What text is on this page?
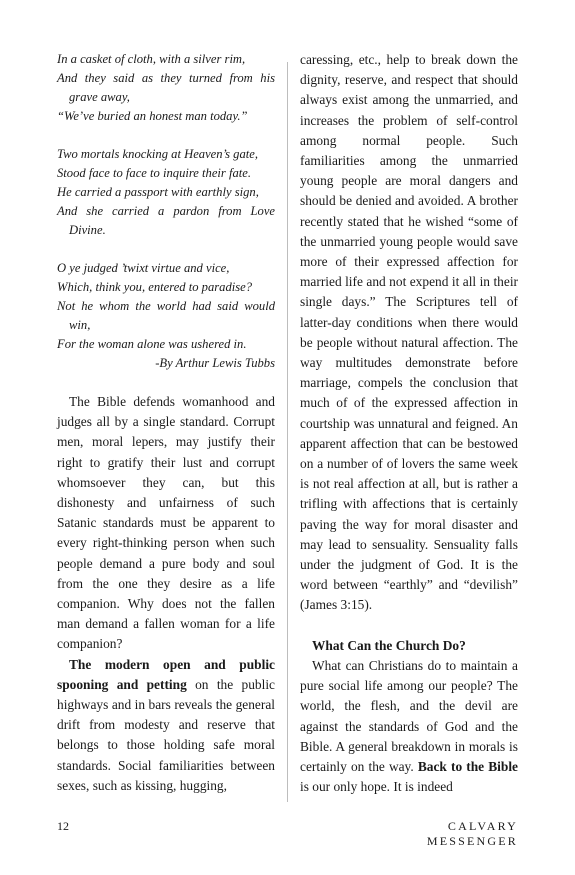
In a casket of cloth, with a silver rim,
And they said as they turned from his grave away,
“We’ve buried an honest man today.”
Two mortals knocking at Heaven’s gate,
Stood face to face to inquire their fate.
He carried a passport with earthly sign,
And she carried a pardon from Love Divine.
O ye judged ’twixt virtue and vice,
Which, think you, entered to paradise?
Not he whom the world had said would win,
For the woman alone was ushered in.
-By Arthur Lewis Tubbs

The Bible defends womanhood and judges all by a single standard. Corrupt men, moral lepers, may justify their right to gratify their lust and corrupt whomsoever they can, but this dishonesty and unfairness of such Satanic standards must be apparent to every right-thinking person when such people demand a pure body and soul from the one they desire as a life companion. Why does not the fallen man demand a fallen woman for a life companion?

The modern open and public spooning and petting on the public highways and in bars reveals the general drift from modesty and reserve that belongs to those holding safe moral standards. Social familiarities between sexes, such as kissing, hugging,

caressing, etc., help to break down the dignity, reserve, and respect that should always exist among the unmarried, and increases the problem of self-control among normal people. Such familiarities among the unmarried young people are moral dangers and should be denied and avoided. A brother recently stated that he wished “some of the unmarried young people would save more of their expressed affection for married life and not expend it all in their single days.” The Scriptures tell of latter-day conditions when there would be people without natural affection. The way multitudes demonstrate before marriage, compels the conclusion that much of of the expressed affection in courtship was unnatural and feigned. An apparent affection that can be bestowed on a number of of lovers the same week is not real affection at all, but is rather a trifling with affections that is certainly paving the way for moral disaster and may lead to sensuality. Sensuality falls under the judgment of God. It is the word between “earthly” and “devilish” (James 3:15).

What Can the Church Do?

What can Christians do to maintain a pure social life among our people? The world, the flesh, and the devil are against the standards of God and the Bible. A general breakdown in morals is certainly on the way. Back to the Bible is our only hope. It is indeed

12	CALVARY MESSENGER
